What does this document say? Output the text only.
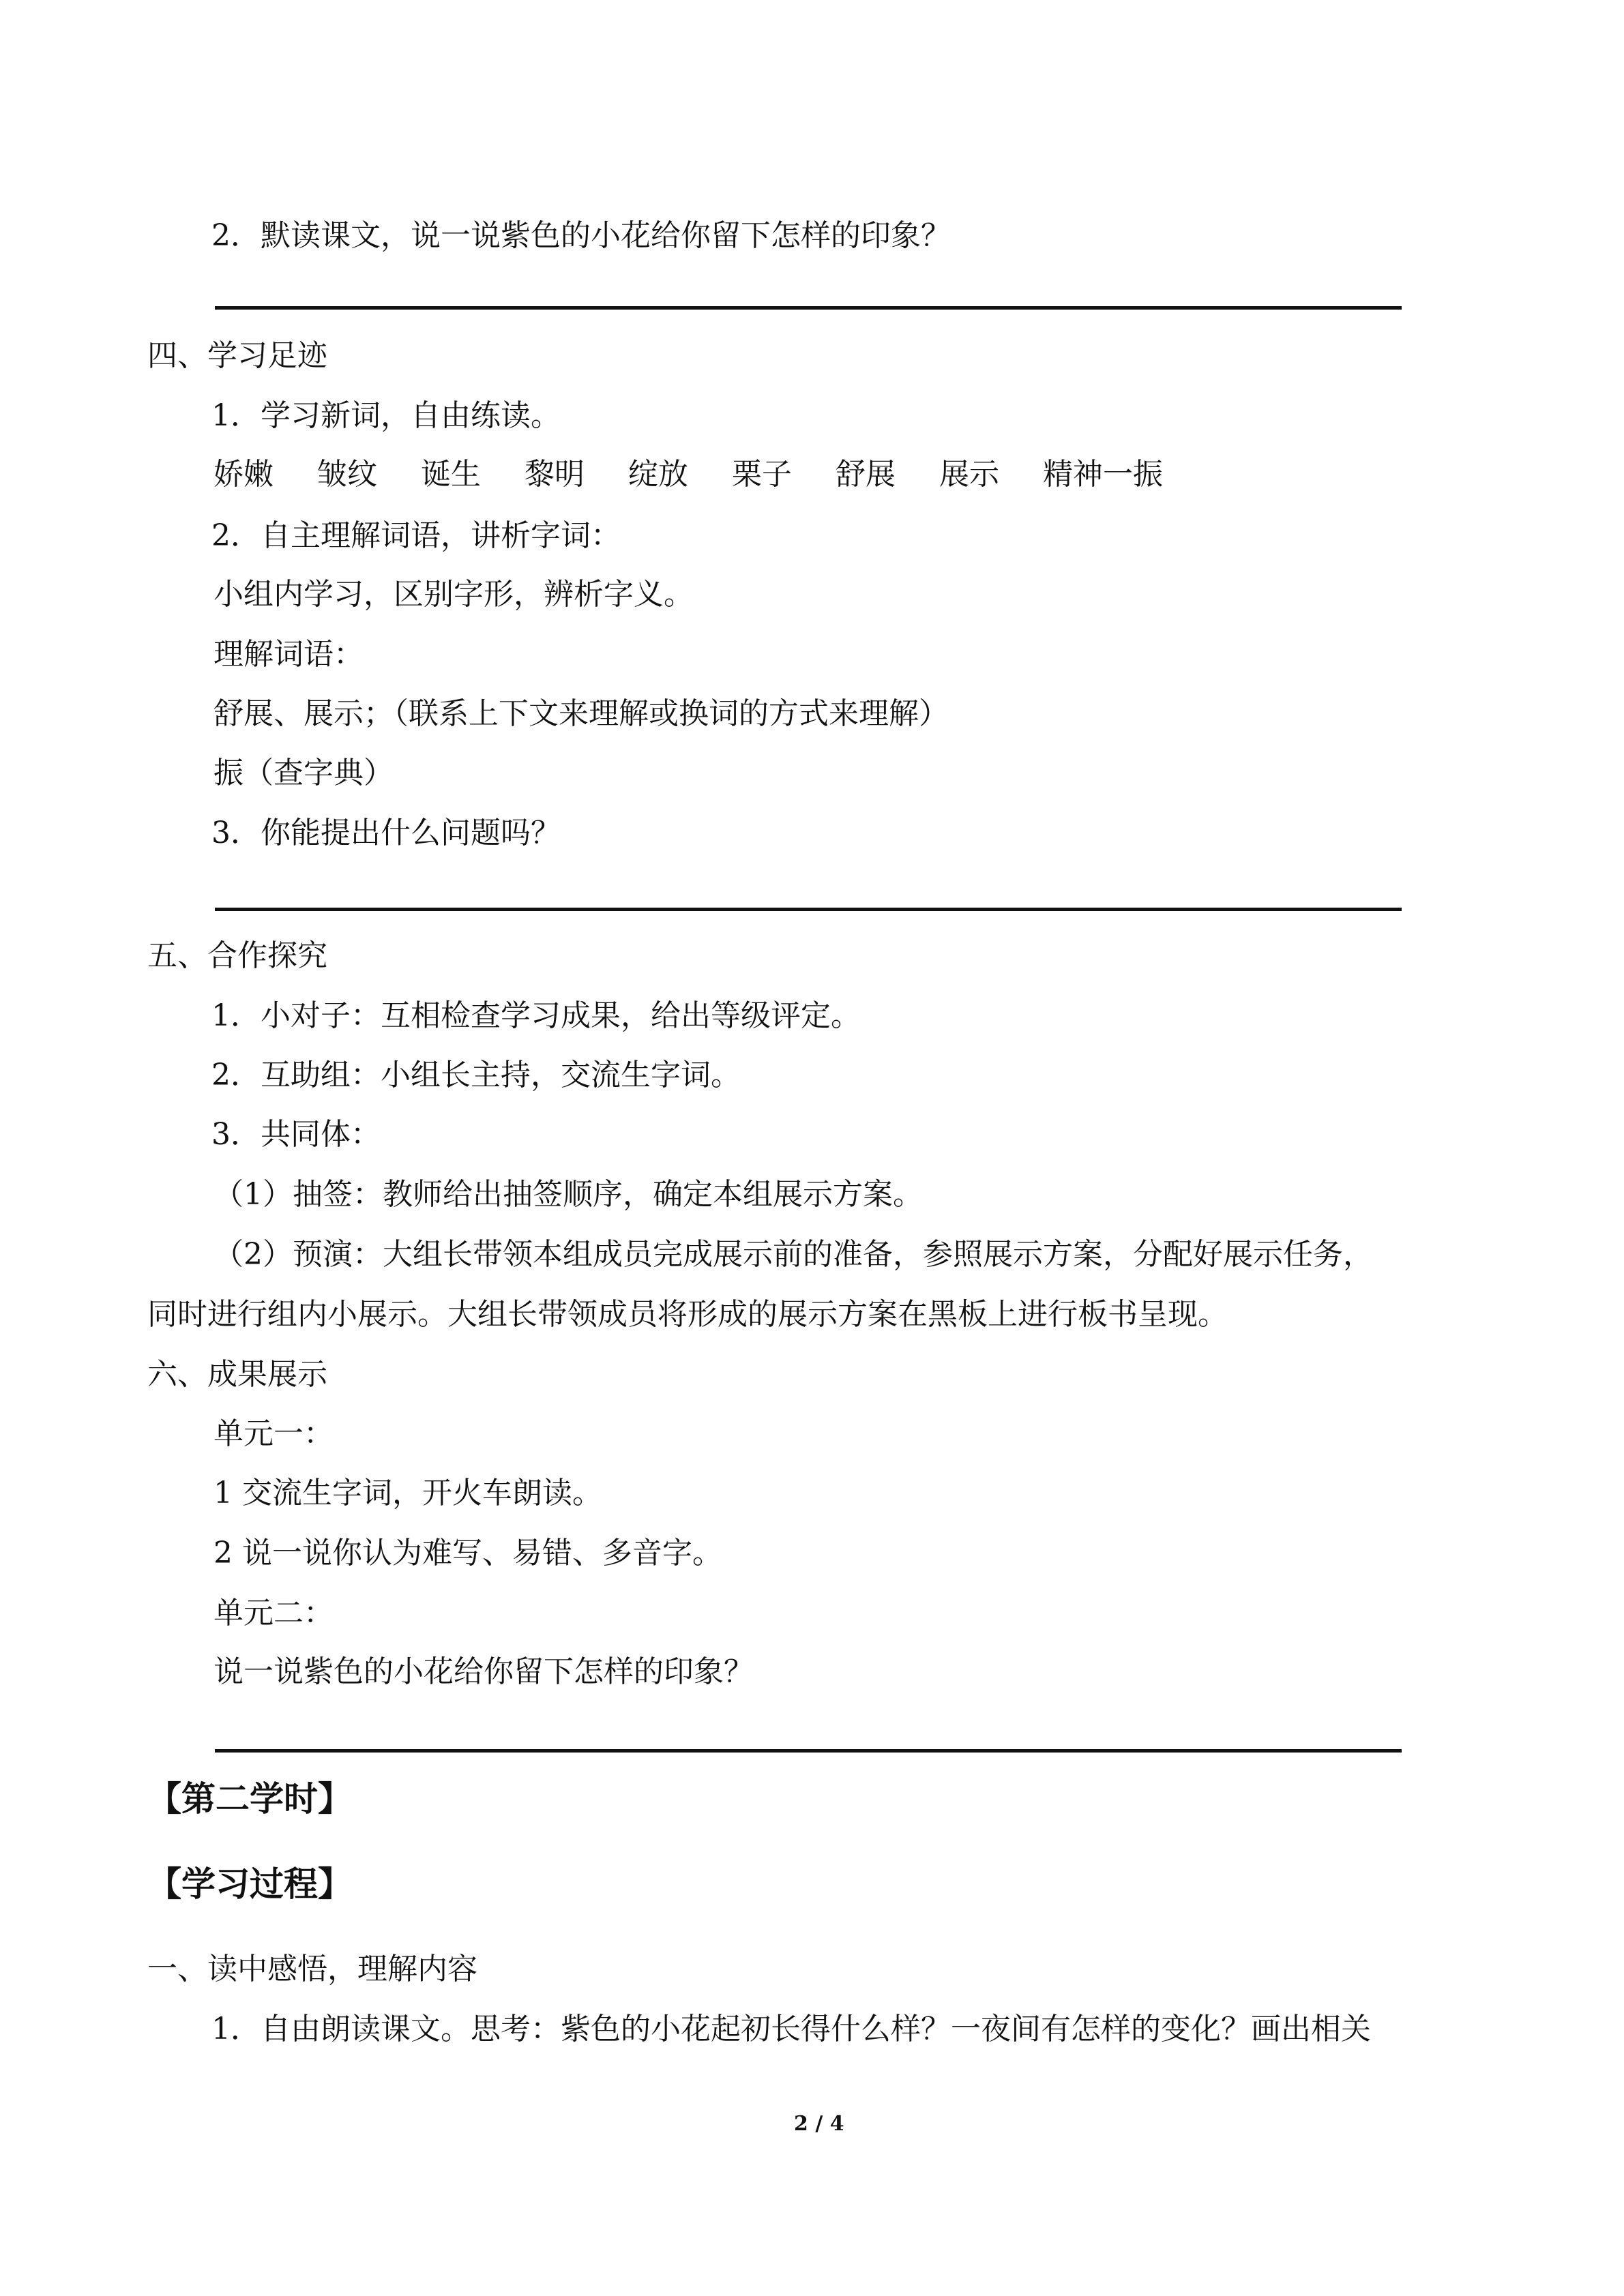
2．默读课文，说一说紫色的小花给你留下怎样的印象？
四、学习足迹
1．学习新词，自由练读。
娇嫩 皱纹 诞生 黎明 绽放 栗子 舒展 展示 精神一振
2．自主理解词语，讲析字词：
小组内学习，区别字形，辨析字义。
理解词语：
舒展、展示；（联系上下文来理解或换词的方式来理解）
振（查字典）
3．你能提出什么问题吗？
五、合作探究
1．小对子：互相检查学习成果，给出等级评定。
2．互助组：小组长主持，交流生字词。
3．共同体：
（1）抽签：教师给出抽签顺序，确定本组展示方案。
（2）预演：大组长带领本组成员完成展示前的准备，参照展示方案，分配好展示任务，
同时进行组内小展示。大组长带领成员将形成的展示方案在黑板上进行板书呈现。
六、成果展示
单元一：
1 交流生字词，开火车朗读。
2 说一说你认为难写、易错、多音字。
单元二：
说一说紫色的小花给你留下怎样的印象？
【第二学时】
【学习过程】
一、读中感悟，理解内容
1．自由朗读课文。思考：紫色的小花起初长得什么样？一夜间有怎样的变化？画出相关
2 / 4
